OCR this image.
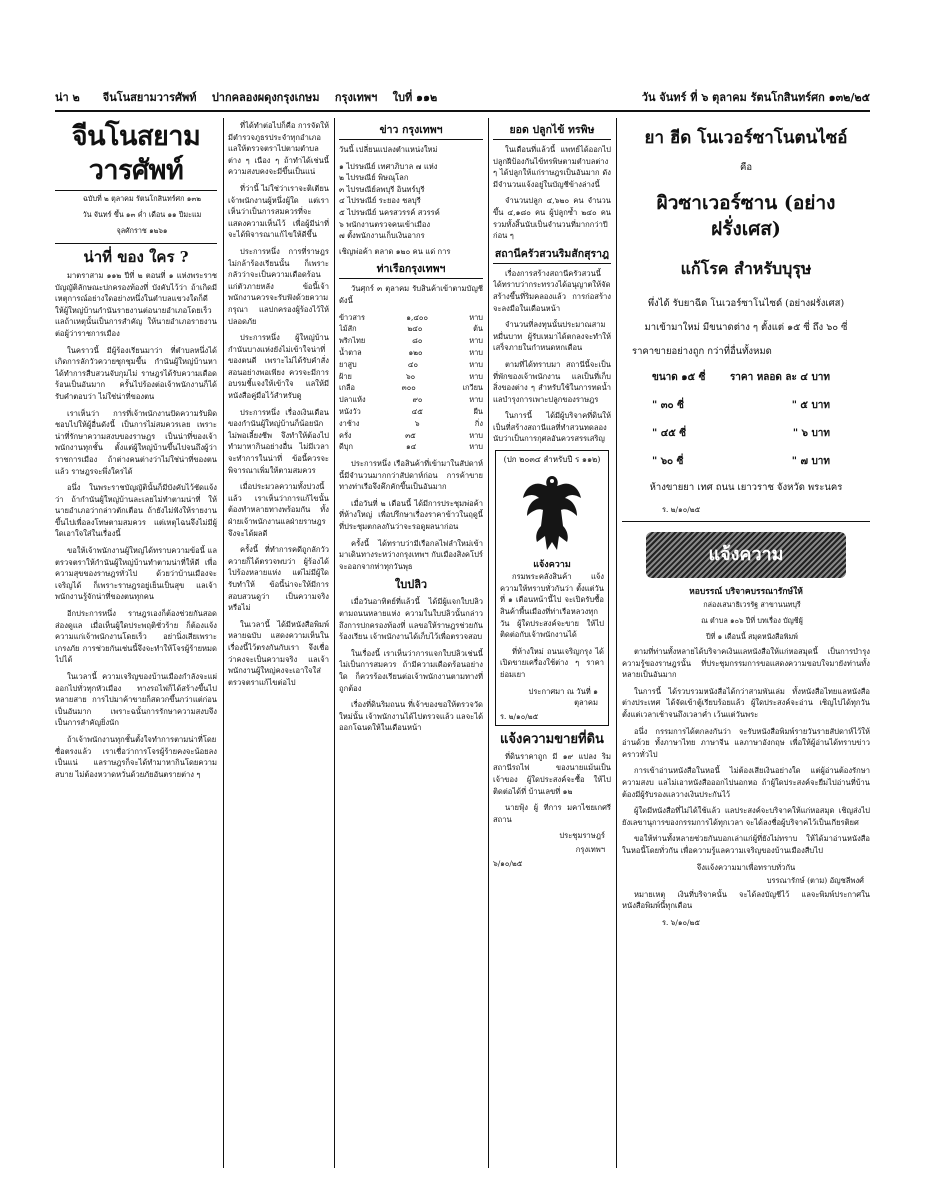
น่า ๒ จีนโนสยามวารศัพท์ ปากคลองผดุงกรุงเกษม กรุงเทพฯ ใบที่ ๑๑๒	วัน จันทร์ ที่ ๖ ตุลาคม รัตนโกสินทร์ศก ๑๓๒/๒๕
จีนโนสยามวารศัพท์

ฉบับที่ ๒ ตุลาคม รัตนโกสินทร์ศก ๑๓๒

วัน จันทร์ ขึ้น ๑๓ ค่ำ เดือน ๑๑ ปีมะแม

จุลศักราช ๑๒๖๑

น่าที่ ของ ใคร ?

มาตราสาม ๑๑๒ ปีที่ ๒ ตอนที่ ๑ แห่งพระราชบัญญัติลักษณะปกครองท้องที่ บังคับไว้ว่า ถ้าเกิดมีเหตุการณ์อย่างใดอย่างหนึ่งในตำบลแขวงใดก็ดี ให้ผู้ใหญ่บ้านกำนันรายงานต่อนายอำเภอโดยเร็ว แลถ้าเหตุนั้นเป็นการสำคัญ ให้นายอำเภอรายงานต่อผู้ว่าราชการเมือง

ในคราวนี้ มีผู้ร้องเรียนมาว่า ที่ตำบลหนึ่งได้เกิดการลักวัวควายชุกชุมขึ้น กำนันผู้ใหญ่บ้านหาได้ทำการสืบสวนจับกุมไม่ ราษฎรได้รับความเดือดร้อนเป็นอันมาก ครั้นไปร้องต่อเจ้าพนักงานก็ได้รับคำตอบว่า ไม่ใช่น่าที่ของตน

เราเห็นว่า การที่เจ้าพนักงานปัดความรับผิดชอบไปให้ผู้อื่นดังนี้ เป็นการไม่สมควรเลย เพราะน่าที่รักษาความสงบของราษฎร เป็นน่าที่ของเจ้าพนักงานทุกชั้น ตั้งแต่ผู้ใหญ่บ้านขึ้นไปจนถึงผู้ว่าราชการเมือง ถ้าต่างคนต่างว่าไม่ใช่น่าที่ของตนแล้ว ราษฎรจะพึ่งใครได้

อนึ่ง ในพระราชบัญญัตินั้นก็มีบังคับไว้ชัดแจ้งว่า ถ้ากำนันผู้ใหญ่บ้านละเลยไม่ทำตามน่าที่ ให้นายอำเภอว่ากล่าวตักเตือน ถ้ายังไม่ฟังให้รายงานขึ้นไปเพื่อลงโทษตามสมควร แต่เหตุไฉนจึงไม่มีผู้ใดเอาใจใส่ในเรื่องนี้

ขอให้เจ้าพนักงานผู้ใหญ่ได้ทราบความข้อนี้ แลตรวจตราให้กำนันผู้ใหญ่บ้านทำตามน่าที่ให้ดี เพื่อความสุขของราษฎรทั่วไป ด้วยว่าบ้านเมืองจะเจริญได้ ก็เพราะราษฎรอยู่เย็นเป็นสุข แลเจ้าพนักงานรู้จักน่าที่ของตนทุกคน

อีกประการหนึ่ง ราษฎรเองก็ต้องช่วยกันสอดส่องดูแล เมื่อเห็นผู้ใดประพฤติชั่วร้าย ก็ต้องแจ้งความแก่เจ้าพนักงานโดยเร็ว อย่านิ่งเสียเพราะเกรงภัย การช่วยกันเช่นนี้จึงจะทำให้โจรผู้ร้ายหมดไปได้

ในเวลานี้ ความเจริญของบ้านเมืองกำลังจะแผ่ออกไปทั่วทุกหัวเมือง ทางรถไฟก็ได้สร้างขึ้นไปหลายสาย การไปมาค้าขายก็สดวกขึ้นกว่าแต่ก่อนเป็นอันมาก เพราะฉนั้นการรักษาความสงบจึงเป็นการสำคัญยิ่งนัก

ถ้าเจ้าพนักงานทุกชั้นตั้งใจทำการตามน่าที่โดยซื่อตรงแล้ว เราเชื่อว่าการโจรผู้ร้ายคงจะน้อยลงเป็นแน่ แลราษฎรก็จะได้ทำมาหากินโดยความสบาย ไม่ต้องหวาดหวั่นด้วยภัยอันตรายต่าง ๆ

ที่ได้ทำต่อไปก็คือ การจัดให้มีตำรวจภูธรประจำทุกอำเภอ แลให้ตรวจตราไปตามตำบลต่าง ๆ เนือง ๆ ถ้าทำได้เช่นนี้ ความสงบคงจะมีขึ้นเป็นแน่

ที่ว่านี้ ไม่ใช่ว่าเราจะติเตียนเจ้าพนักงานผู้หนึ่งผู้ใด แต่เราเห็นว่าเป็นการสมควรที่จะแสดงความเห็นไว้ เพื่อผู้มีน่าที่จะได้พิจารณาแก้ไขให้ดีขึ้น

ประการหนึ่ง การที่ราษฎรไม่กล้าร้องเรียนนั้น ก็เพราะกลัวว่าจะเป็นความเดือดร้อนแก่ตัวภายหลัง ข้อนี้เจ้าพนักงานควรจะรับฟังด้วยความกรุณา แลปกครองผู้ร้องไว้ให้ปลอดภัย

ประการหนึ่ง ผู้ใหญ่บ้านกำนันบางแห่งยังไม่เข้าใจน่าที่ของตนดี เพราะไม่ได้รับคำสั่งสอนอย่างพอเพียง ควรจะมีการอบรมชี้แจงให้เข้าใจ แลให้มีหนังสือคู่มือไว้สำหรับดู

ประการหนึ่ง เรื่องเงินเดือนของกำนันผู้ใหญ่บ้านก็น้อยนัก ไม่พอเลี้ยงชีพ จึงทำให้ต้องไปทำมาหากินอย่างอื่น ไม่มีเวลาจะทำการในน่าที่ ข้อนี้ควรจะพิจารณาเพิ่มให้ตามสมควร

เมื่อประมวลความทั้งปวงนี้แล้ว เราเห็นว่าการแก้ไขนั้นต้องทำหลายทางพร้อมกัน ทั้งฝ่ายเจ้าพนักงานแลฝ่ายราษฎร จึงจะได้ผลดี

ครั้งนี้ ที่ทำการคดีถูกลักวัวควายก็ได้ตรวจพบว่า ผู้ร้องได้ไปร้องหลายแห่ง แต่ไม่มีผู้ใดรับทำให้ ข้อนี้น่าจะให้มีการสอบสวนดูว่า เป็นความจริงหรือไม่

ในเวลานี้ ได้มีหนังสือพิมพ์หลายฉบับ แสดงความเห็นในเรื่องนี้ไว้ตรงกันกับเรา จึงเชื่อว่าคงจะเป็นความจริง แลเจ้าพนักงานผู้ใหญ่คงจะเอาใจใส่ตรวจตราแก้ไขต่อไป

ข่าว กรุงเทพฯ

วันนี้ เปลี่ยนแปลงตำแหน่งใหม่

๑ ไปรษณีย์ เทศาภิบาล ๗ แห่ง
๒ ไปรษณีย์ พิษณุโลก
๓ ไปรษณีย์ลพบุรี อินทร์บุรี
๔ ไปรษณีย์ ระยอง ชลบุรี
๕ ไปรษณีย์ นครสวรรค์ สวรรค์
๖ พนักงานตรวจคนเข้าเมือง
๗ ตั้งพนักงานเก็บเงินอากร

เชิญพ่อค้า ตลาด ๑๒๐ คน แด่ การ

ท่าเรือกรุงเทพฯ

วันศุกร์ ๓ ตุลาคม รับสินค้าเข้าตามบัญชีดังนี้

ข้าวสาร	๑,๔๐๐	หาบ
ไม้สัก	๒๔๐	ต้น
พริกไทย	๘๐	หาบ
น้ำตาล	๑๒๐	หาบ
ยาสูบ	๔๐	หาบ
ฝ้าย	๖๐	หาบ
เกลือ	๓๐๐	เกวียน
ปลาแห้ง	๙๐	หาบ
หนังวัว	๔๕	ผืน
งาช้าง	๖	กิ่ง
ครั่ง	๓๕	หาบ
ดีบุก	๑๔	หาบ

ประการหนึ่ง เรือสินค้าที่เข้ามาในสัปดาห์นี้มีจำนวนมากกว่าสัปดาห์ก่อน การค้าขายทางท่าเรือจึงคึกคักขึ้นเป็นอันมาก

เมื่อวันที่ ๒ เดือนนี้ ได้มีการประชุมพ่อค้าที่ห้างใหญ่ เพื่อปรึกษาเรื่องราคาข้าวในฤดูนี้ ที่ประชุมตกลงกันว่าจะรอดูผลนาก่อน

ครั้งนี้ ได้ทราบว่ามีเรือกลไฟลำใหม่เข้ามาเดินทางระหว่างกรุงเทพฯ กับเมืองสิงคโปร์ จะออกจากท่าทุกวันพุธ

ใบปลิว

เมื่อวันอาทิตย์ที่แล้วนี้ ได้มีผู้แจกใบปลิวตามถนนหลายแห่ง ความในใบปลิวนั้นกล่าวถึงการปกครองท้องที่ แลขอให้ราษฎรช่วยกันร้องเรียน เจ้าพนักงานได้เก็บไว้เพื่อตรวจสอบ

ในเรื่องนี้ เราเห็นว่าการแจกใบปลิวเช่นนี้ ไม่เป็นการสมควร ถ้ามีความเดือดร้อนอย่างใด ก็ควรร้องเรียนต่อเจ้าพนักงานตามทางที่ถูกต้อง

เรื่องที่ดินริมถนน ที่เจ้าของขอให้ตรวจวัดใหม่นั้น เจ้าพนักงานได้ไปตรวจแล้ว แลจะได้ออกโฉนดให้ในเดือนหน้า

ยอด ปลูกไข้ ทรพิษ

ในเดือนที่แล้วนี้ แพทย์ได้ออกไปปลูกฝีป้องกันไข้ทรพิษตามตำบลต่าง ๆ ได้ปลูกให้แก่ราษฎรเป็นอันมาก ดังมีจำนวนแจ้งอยู่ในบัญชีข้างล่างนี้

จำนวนปลูก ๔,๖๒๐ คน จำนวนขึ้น ๔,๑๘๐ คน ผู้ปลูกซ้ำ ๒๔๐ คน รวมทั้งสิ้นนับเป็นจำนวนที่มากกว่าปีก่อน ๆ

สถานีครัวสวนริมสักสุราฎ

เรื่องการสร้างสถานีครัวสวนนี้ ได้ทราบว่ากระทรวงได้อนุญาตให้จัดสร้างขึ้นที่ริมคลองแล้ว การก่อสร้างจะลงมือในเดือนหน้า

จำนวนที่ลงทุนนั้นประมาณสามหมื่นบาท ผู้รับเหมาได้ตกลงจะทำให้เสร็จภายในกำหนดหกเดือน

ตามที่ได้ทราบมา สถานีนี้จะเป็นที่พักของเจ้าพนักงาน แลเป็นที่เก็บสิ่งของต่าง ๆ สำหรับใช้ในการทดน้ำแลบำรุงการเพาะปลูกของราษฎร

ในการนี้ ได้มีผู้บริจาคที่ดินให้เป็นที่สร้างสถานีแลที่ทำสวนทดลอง นับว่าเป็นการกุศลอันควรสรรเสริญ

(ปก ๒๐๓๔ สำหรับปี ร ๑๑๒)
แจ้งความ

กรมพระคลังสินค้า แจ้งความให้ทราบทั่วกันว่า ตั้งแต่วันที่ ๑ เดือนหน้านี้ไป จะเปิดรับซื้อสินค้าพื้นเมืองที่ท่าเรือหลวงทุกวัน ผู้ใดประสงค์จะขาย ให้ไปติดต่อกับเจ้าพนักงานได้

ที่ห้างใหม่ ถนนเจริญกรุง ได้เปิดขายเครื่องใช้ต่าง ๆ ราคาย่อมเยา

ประกาศมา ณ วันที่ ๑ ตุลาคม
ร. ๒/๑๐/๒๕
แจ้งความขายที่ดิน

ที่ดินราคาถูก มี ๑๙ แปลง ริมสถานีรถไฟ ของนายแม้นเป็นเจ้าของ ผู้ใดประสงค์จะซื้อ ให้ไปติดต่อได้ที่ บ้านเลขที่ ๑๒

นายฟุ้ง ผู้ ทีการ มคาไชยเกศรีสถาน

ประชุมราษฎร์
กรุงเทพฯ
๖/๑๐/๒๕
ยา ฮีด โนเวอร์ซาโนตนไซอ์
คือ
ผิวซาเวอร์ซาน (อย่างฝรั่งเศส)
แก้โรค สำหรับบุรุษ
พึ่งได้ รับยาฉีด โนเวอร์ซาโนไซด์ (อย่างฝรั่งเศส)
มาเข้ามาใหม่ มีขนาดต่าง ๆ ตั้งแต่ ๑๕ ซี่ ถึง ๖๐ ซี่
ราคาขายอย่างถูก กว่าที่อื่นทั้งหมด
ขนาด ๑๕ ซี่ ราคา หลอด ละ ๔ บาท
" ๓๐ ซี่	" ๕ บาท
" ๔๕ ซี่	" ๖ บาท
" ๖๐ ซี่	" ๗ บาท
ห้างขายยา เทศ ถนน เยาวราช จังหวัด พระนคร
ร. ๒/๑๐/๒๕
แจ้งความ
หอบรรณ์ บริจาคบรรณารักษ์ให้

กล่องเสนาธิเวรรัฐ สาขานนทบุรี

ณ ตำบล ๑๐๖ ปีที่ บทเรื่อง บัญชีผู้

ปีที่ ๑ เดือนนี้ สมุดหนังสือพิมพ์

ตามที่ท่านทั้งหลายได้บริจาคเงินแลหนังสือให้แก่หอสมุดนี้ เป็นการบำรุงความรู้ของราษฎรนั้น ที่ประชุมกรรมการขอแสดงความขอบใจมายังท่านทั้งหลายเป็นอันมาก

ในการนี้ ได้รวบรวมหนังสือได้กว่าสามพันเล่ม ทั้งหนังสือไทยแลหนังสือต่างประเทศ ได้จัดเข้าตู้เรียบร้อยแล้ว ผู้ใดประสงค์จะอ่าน เชิญไปได้ทุกวันตั้งแต่เวลาเช้าจนถึงเวลาค่ำ เว้นแต่วันพระ

อนึ่ง กรรมการได้ตกลงกันว่า จะรับหนังสือพิมพ์รายวันรายสัปดาห์ไว้ให้อ่านด้วย ทั้งภาษาไทย ภาษาจีน แลภาษาอังกฤษ เพื่อให้ผู้อ่านได้ทราบข่าวคราวทั่วไป

การเข้าอ่านหนังสือในหอนี้ ไม่ต้องเสียเงินอย่างใด แต่ผู้อ่านต้องรักษาความสงบ แลไม่เอาหนังสือออกไปนอกหอ ถ้าผู้ใดประสงค์จะยืมไปอ่านที่บ้าน ต้องมีผู้รับรองแลวางเงินประกันไว้

ผู้ใดมีหนังสือที่ไม่ได้ใช้แล้ว แลประสงค์จะบริจาคให้แก่หอสมุด เชิญส่งไปยังเลขานุการของกรรมการได้ทุกเวลา จะได้ลงชื่อผู้บริจาคไว้เป็นเกียรติยศ

ขอให้ท่านทั้งหลายช่วยกันบอกเล่าแก่ผู้ที่ยังไม่ทราบ ให้ได้มาอ่านหนังสือในหอนี้โดยทั่วกัน เพื่อความรู้แลความเจริญของบ้านเมืองสืบไป

จึงแจ้งความมาเพื่อทราบทั่วกัน
บรรณารักษ์ (ตาม) อัญชลีพงศ์

หมายเหตุ เงินที่บริจาคนั้น จะได้ลงบัญชีไว้ แลจะพิมพ์ประกาศในหนังสือพิมพ์นี้ทุกเดือน

ร. ๖/๑๐/๒๕
